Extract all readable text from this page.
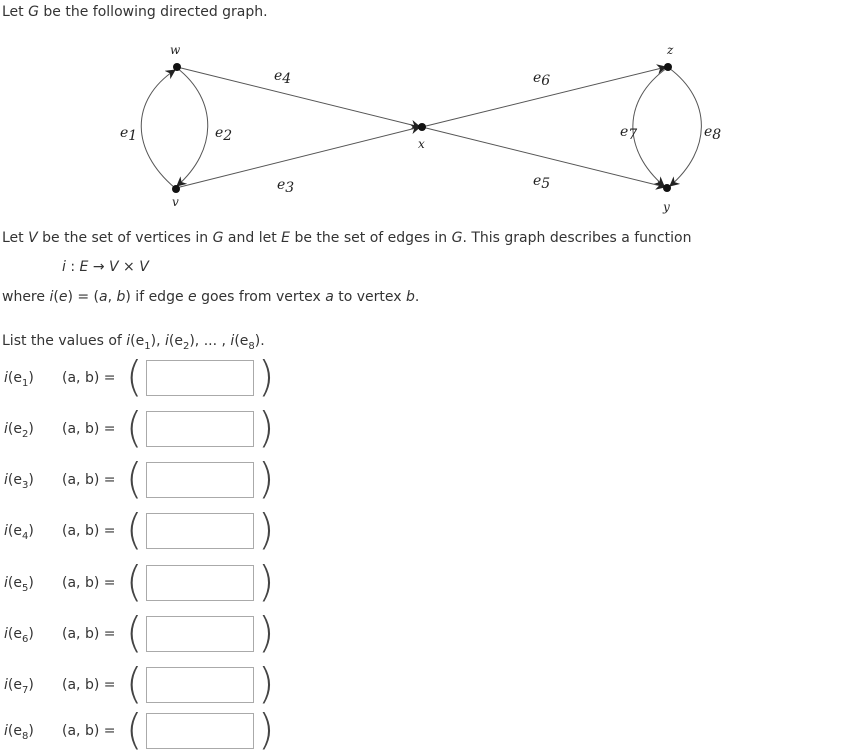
Let G be the following directed graph.
w
v
x
z
y
e1	e2
e3
e4
e5
e6
e7	e8
Let V be the set of vertices in G and let E be the set of edges in G. This graph describes a function
i : E → V × V
where i(e) = (a, b) if edge e goes from vertex a to vertex b.
List the values of $i(e_1)$, $i(e_2)$, ... , $i(e_8)$.
$i(e_1)$ (a, b) = (	)
$i(e_2)$ (a, b) = (	)
$i(e_3)$ (a, b) = (	)
$i(e_4)$ (a, b) = (	)
$i(e_5)$ (a, b) = (	)
$i(e_6)$ (a, b) = (	)
$i(e_7)$ (a, b) = (	)
$i(e_8)$ (a, b) = (	)
